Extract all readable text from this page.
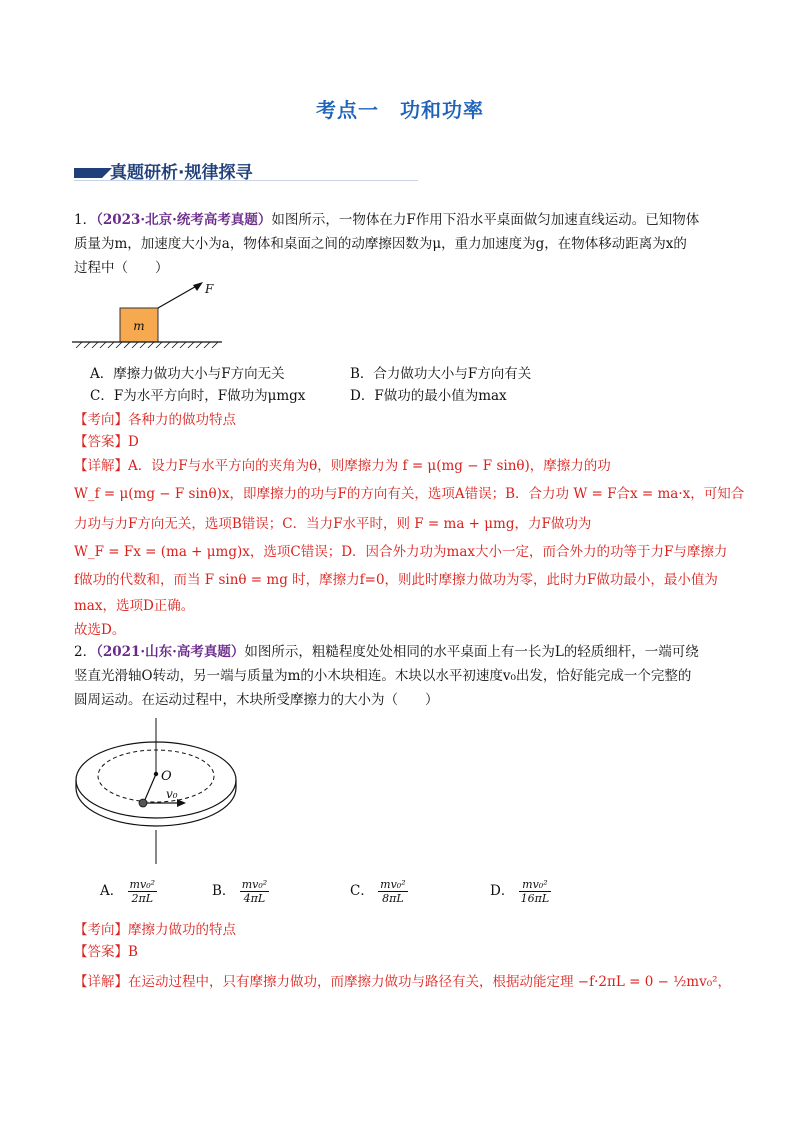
考点一　功和功率
真题研析·规律探寻
1．（2023·北京·统考高考真题）如图所示，一物体在力F作用下沿水平桌面做匀加速直线运动。已知物体
质量为m，加速度大小为a，物体和桌面之间的动摩擦因数为μ，重力加速度为g，在物体移动距离为x的
过程中（　　）
m
F
A．摩擦力做功大小与F方向无关	B．合力做功大小与F方向有关
C．F为水平方向时，F做功为μmgx	D．F做功的最小值为max
【考向】各种力的做功特点
【答案】D
【详解】A．设力F与水平方向的夹角为θ，则摩擦力为 f = μ(mg − F sinθ)，摩擦力的功
W_f = μ(mg − F sinθ)x，即摩擦力的功与F的方向有关，选项A错误；B．合力功 W = F合x = ma·x，可知合
力功与力F方向无关，选项B错误；C．当力F水平时，则 F = ma + μmg，力F做功为
W_F = Fx = (ma + μmg)x，选项C错误；D．因合外力功为max大小一定，而合外力的功等于力F与摩擦力
f做功的代数和，而当 F sinθ = mg 时，摩擦力f=0，则此时摩擦力做功为零，此时力F做功最小，最小值为
max，选项D正确。
故选D。
2．（2021·山东·高考真题）如图所示，粗糙程度处处相同的水平桌面上有一长为L的轻质细杆，一端可绕
竖直光滑轴O转动，另一端与质量为m的小木块相连。木块以水平初速度v₀出发，恰好能完成一个完整的
圆周运动。在运动过程中，木块所受摩擦力的大小为（　　）
O
v₀
A． $\frac{\text{mv₀²}}{2\pi L}$	B． $\frac{\text{mv₀²}}{4\pi L}$	C． $\frac{\text{mv₀²}}{8\pi L}$	D． $\frac{\text{mv₀²}}{16\pi L}$
【考向】摩擦力做功的特点
【答案】B
【详解】在运动过程中，只有摩擦力做功，而摩擦力做功与路径有关，根据动能定理 −f·2πL = 0 − ½mv₀²，
